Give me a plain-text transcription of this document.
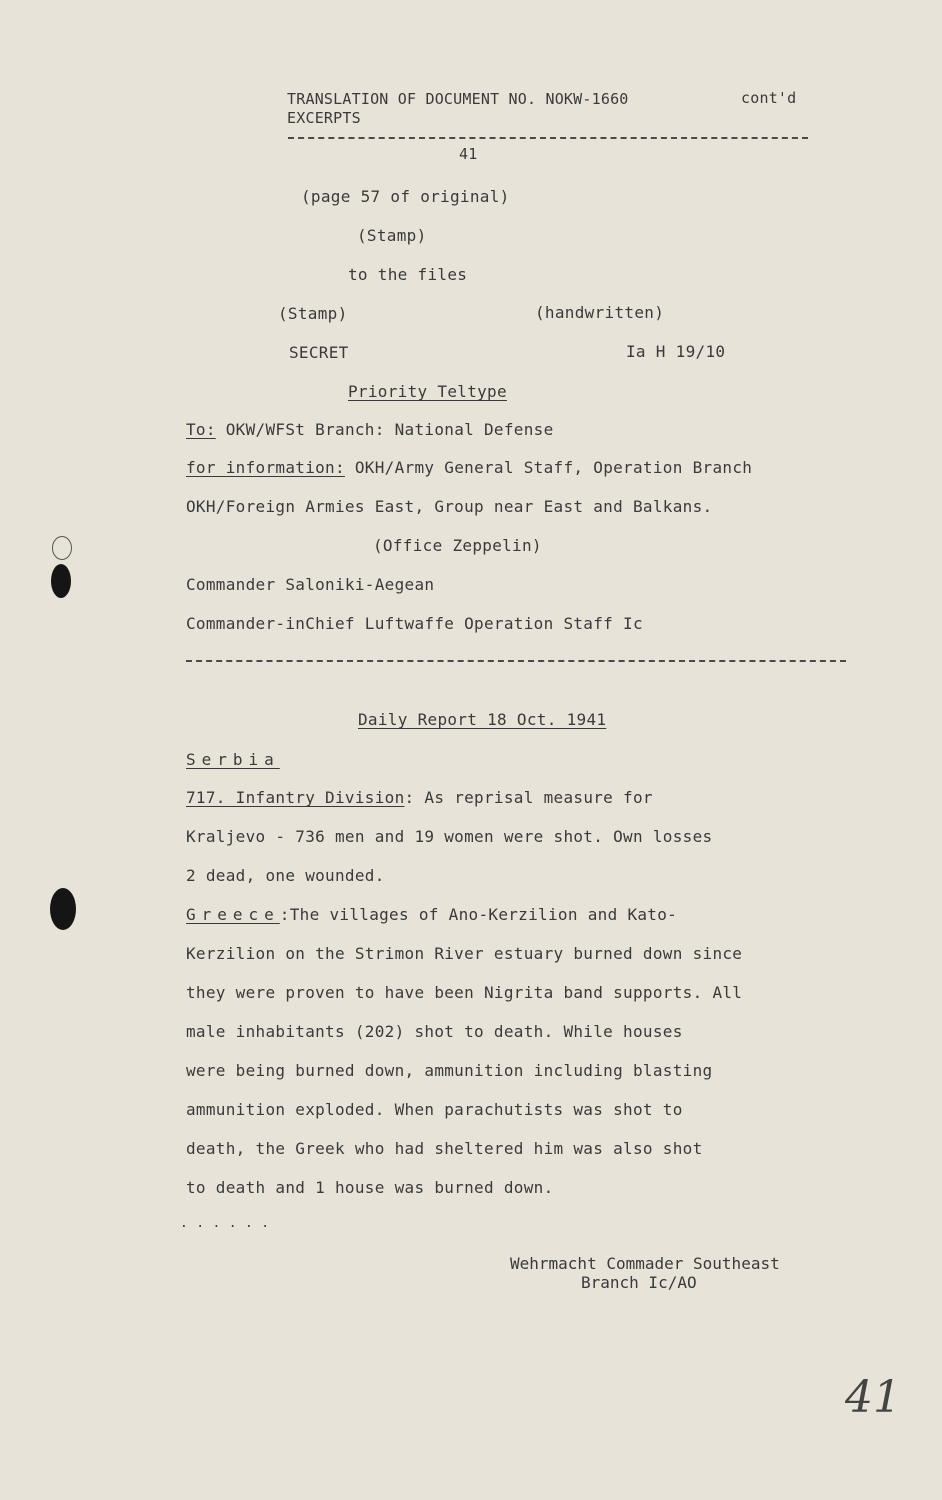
TRANSLATION OF DOCUMENT NO. NOKW-1660	cont'd
EXCERPTS
41
(page 57 of original)
(Stamp)
to the files
(Stamp)	(handwritten)
SECRET	Ia H 19/10
Priority Teltype
To: OKW/WFSt Branch: National Defense
for information: OKH/Army General Staff, Operation Branch
OKH/Foreign Armies East, Group near East and Balkans.
(Office Zeppelin)
Commander Saloniki-Aegean
Commander-inChief Luftwaffe Operation Staff Ic
Daily Report 18 Oct. 1941
Serbia
717. Infantry Division: As reprisal measure for
Kraljevo - 736 men and 19 women were shot. Own losses
2 dead, one wounded.
Greece:The villages of Ano-Kerzilion and Kato-
Kerzilion on the Strimon River estuary burned down since
they were proven to have been Nigrita band supports. All
male inhabitants (202) shot to death. While houses
were being burned down, ammunition including blasting
ammunition exploded. When parachutists was shot to
death, the Greek who had sheltered him was also shot
to death and 1 house was burned down.
. . . . . .
Wehrmacht Commader Southeast
Branch Ic/AO
41
